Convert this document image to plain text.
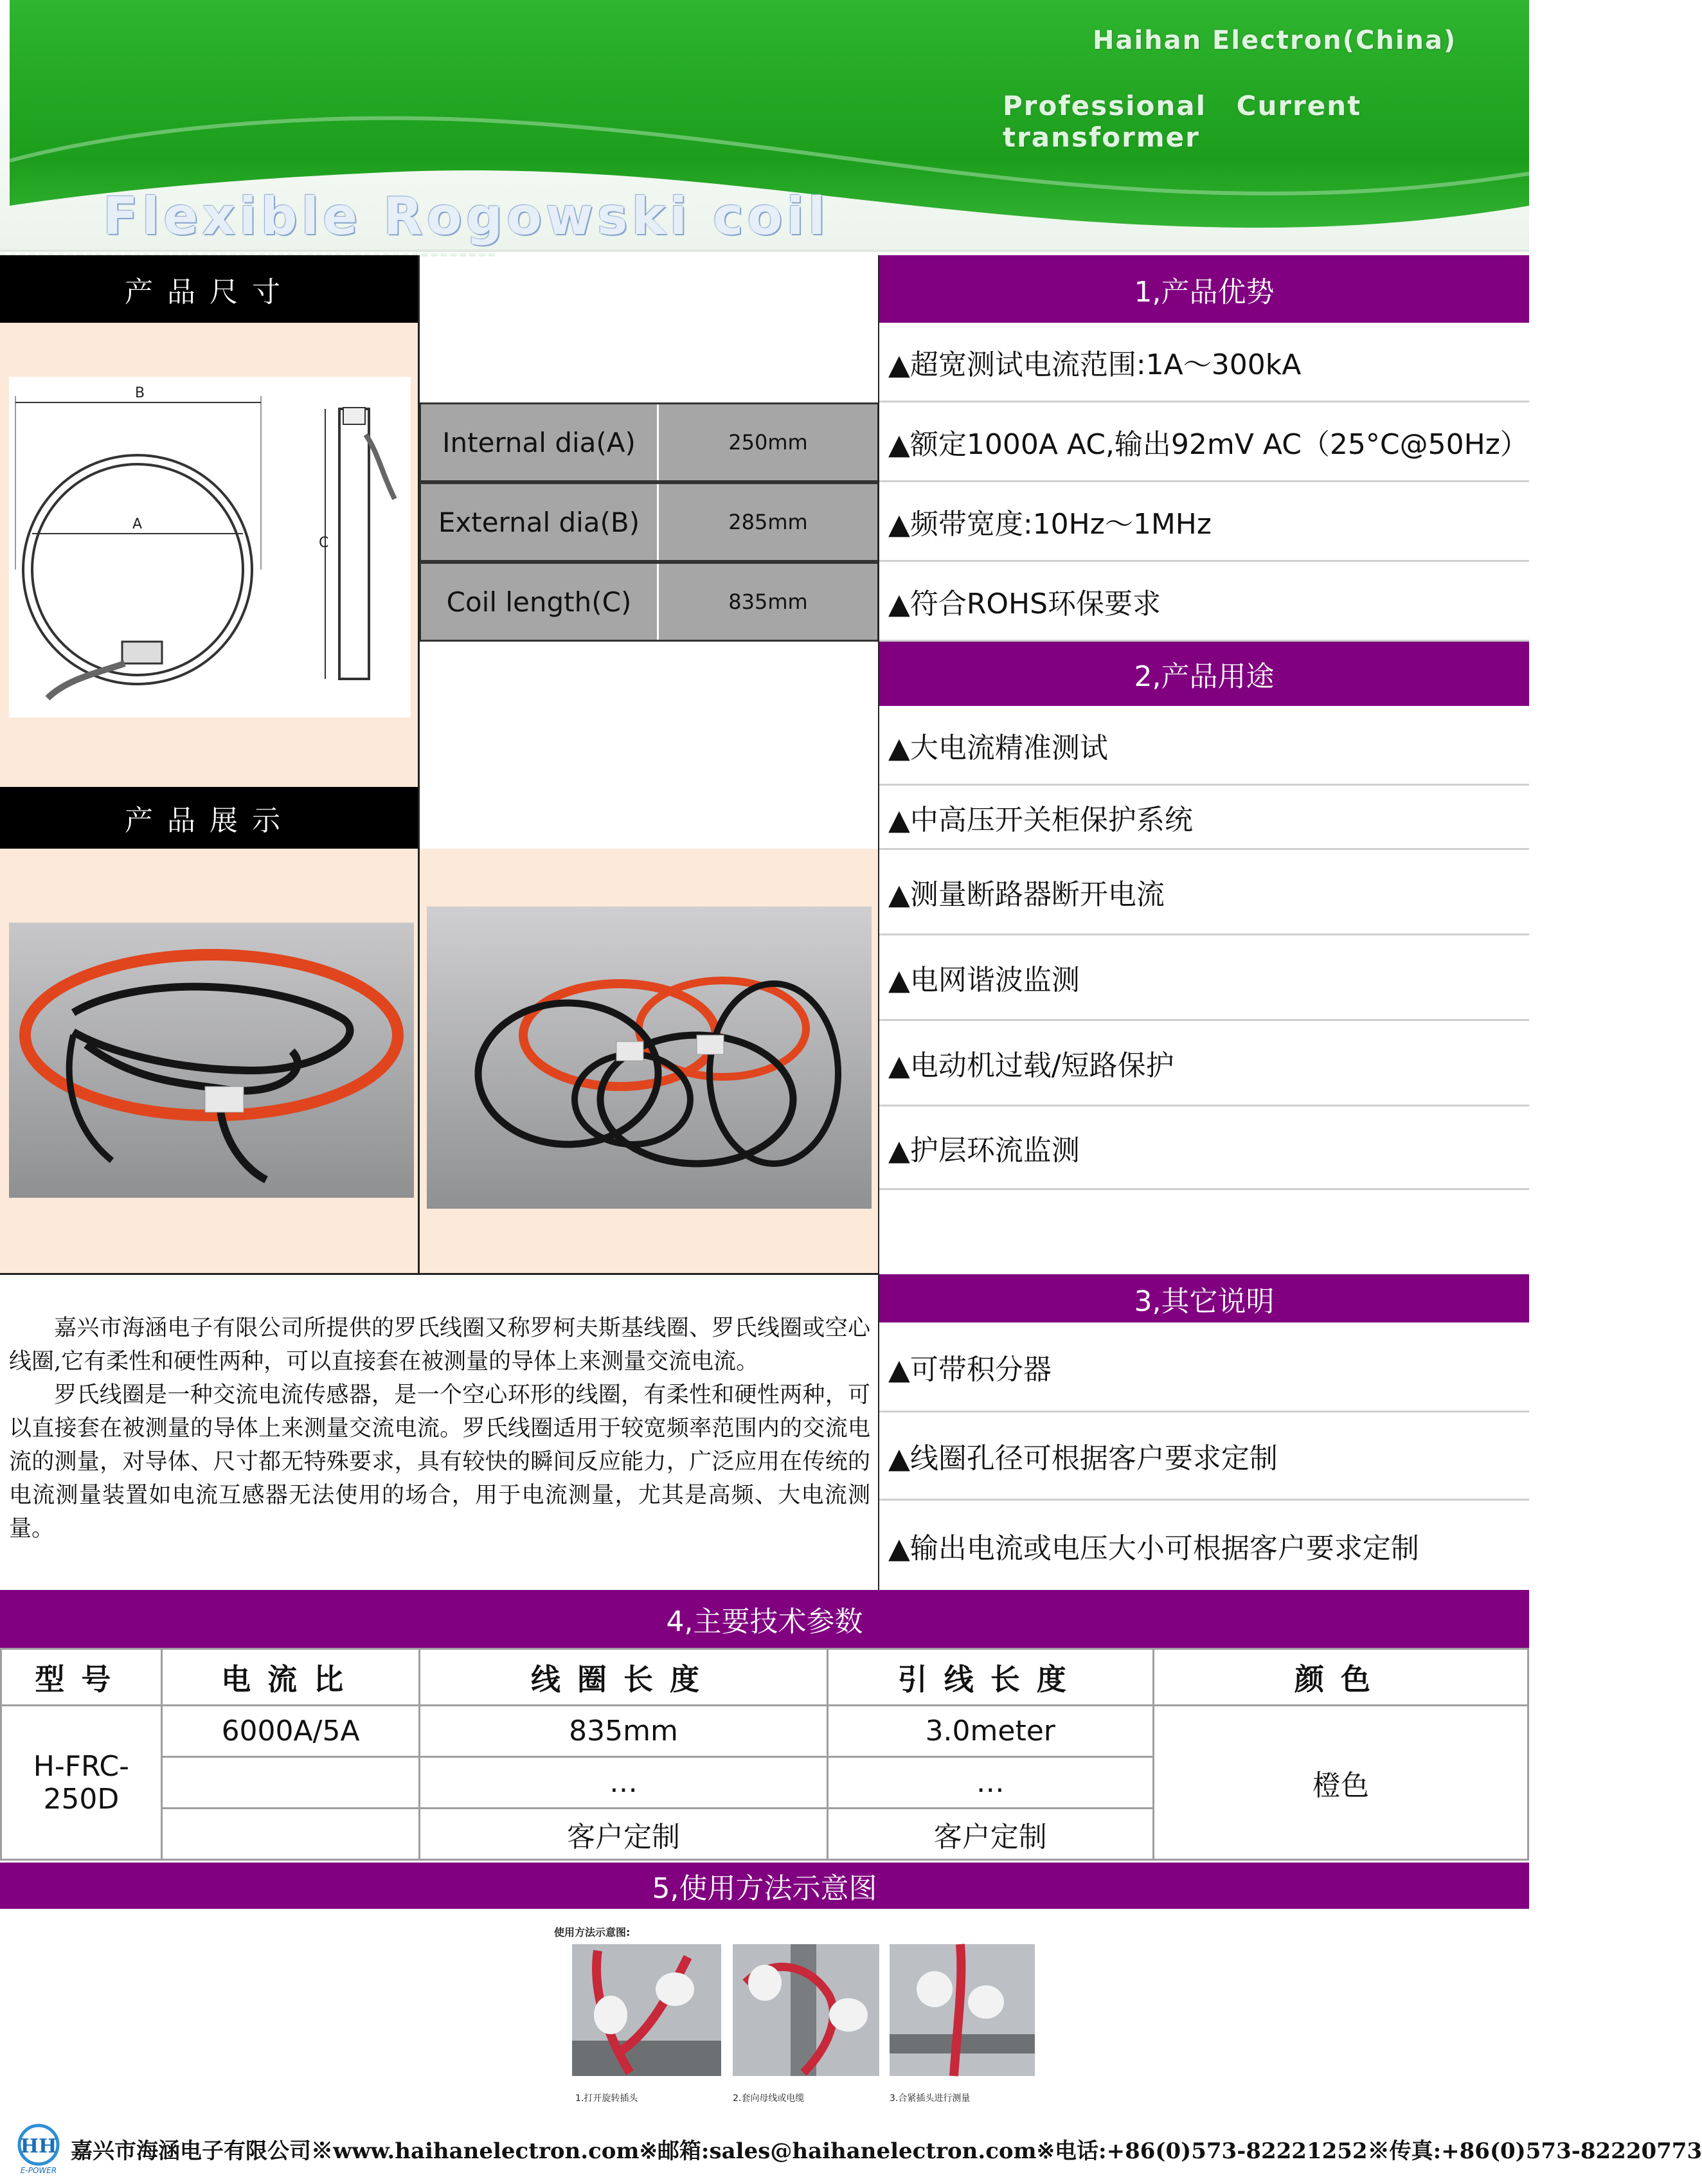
Haihan Electron(China)
Professional Current transformer
Flexible Rogowski coil
产品尺寸
B
A
C
Internal dia(A)	250mm
External dia(B)	285mm
Coil length(C)	835mm
产品展示
1,产品优势
▲超宽测试电流范围:1A～300kA
▲额定1000A AC,输出92mV AC（25°C@50Hz）
▲频带宽度:10Hz～1MHz
▲符合ROHS环保要求
2,产品用途
▲大电流精准测试
▲中高压开关柜保护系统
▲测量断路器断开电流
▲电网谐波监测
▲电动机过载/短路保护
▲护层环流监测
3,其它说明
▲可带积分器
▲线圈孔径可根据客户要求定制
▲输出电流或电压大小可根据客户要求定制

嘉兴市海涵电子有限公司所提供的罗氏线圈又称罗柯夫斯基线圈、罗氏线圈或空心线圈,它有柔性和硬性两种，可以直接套在被测量的导体上来测量交流电流。

罗氏线圈是一种交流电流传感器，是一个空心环形的线圈，有柔性和硬性两种，可以直接套在被测量的导体上来测量交流电流。罗氏线圈适用于较宽频率范围内的交流电流的测量，对导体、尺寸都无特殊要求，具有较快的瞬间反应能力，广泛应用在传统的电流测量装置如电流互感器无法使用的场合，用于电流测量，尤其是高频、大电流测量。

4,主要技术参数
型号	电流比	线圈长度	引线长度	颜色
H-FRC-250D	6000A/5A	835mm	3.0meter	橙色
		…	…	
		客户定制	客户定制	
5,使用方法示意图
使用方法示意图:
1.打开旋转插头	2.套向母线或电缆	3.合紧插头进行测量
HH
E-POWER
嘉兴市海涵电子有限公司※www.haihanelectron.com※邮箱:sales@haihanelectron.com※电话:+86(0)573-82221252※传真:+86(0)573-82220773
